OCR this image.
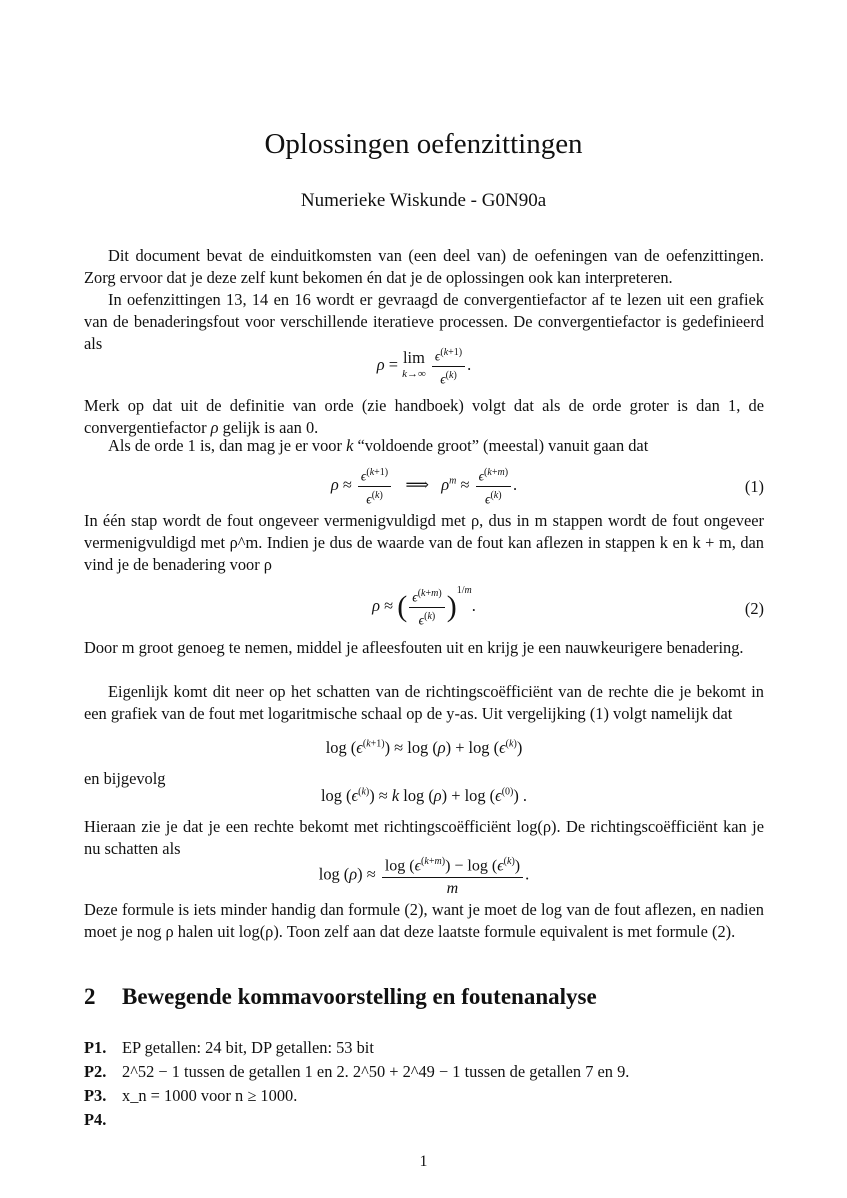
Oplossingen oefenzittingen
Numerieke Wiskunde - G0N90a
Dit document bevat de einduitkomsten van (een deel van) de oefeningen van de oefenzittingen. Zorg ervoor dat je deze zelf kunt bekomen én dat je de oplossingen ook kan interpreteren.
In oefenzittingen 13, 14 en 16 wordt er gevraagd de convergentiefactor af te lezen uit een grafiek van de benaderingsfout voor verschillende iteratieve processen. De convergentiefactor is gedefinieerd als
ρ = lim
k→∞
$\frac{\epsilon^{(k+1)}}{\epsilon^{(k)}}$ .
Merk op dat uit de definitie van orde (zie handboek) volgt dat als de orde groter is dan 1, de convergentiefactor ρ gelijk is aan 0.
Als de orde 1 is, dan mag je er voor k “voldoende groot” (meestal) vanuit gaan dat
$\rho \approx \frac{\epsilon^{(k+1)}}{\epsilon^{(k)}}$ ⟹   $\rho^m \approx \frac{\epsilon^{(k+m)}}{\epsilon^{(k)}}$ .	(1)
In één stap wordt de fout ongeveer vermenigvuldigd met ρ, dus in m stappen wordt de fout ongeveer vermenigvuldigd met ρ^m. Indien je dus de waarde van de fout kan aflezen in stappen k en k + m, dan vind je de benadering voor ρ
ρ ≈ ( $\frac{\epsilon^{(k+m)}}{\epsilon^{(k)}} )^{1/m}$.	(2)
Door m groot genoeg te nemen, middel je afleesfouten uit en krijg je een nauwkeurigere benadering.
Eigenlijk komt dit neer op het schatten van de richtingscoëfficiënt van de rechte die je bekomt in een grafiek van de fout met logaritmische schaal op de y-as. Uit vergelijking (1) volgt namelijk dat
$\log (\epsilon^{(k+1)}) \approx \log (\rho) + \log (\epsilon^{(k)})$
en bijgevolg
$\log (\epsilon^{(k)}) \approx k$ $\log (\rho) + \log (\epsilon^{(0)})$ .
Hieraan zie je dat je een rechte bekomt met richtingscoëfficiënt log(ρ). De richtingscoëfficiënt kan je nu schatten als
$\log (\rho) \approx \frac{\log (\epsilon^{(k+m)}) - \log (\epsilon^{(k)})}{m}$ .
Deze formule is iets minder handig dan formule (2), want je moet de log van de fout aflezen, en nadien moet je nog ρ halen uit log(ρ). Toon zelf aan dat deze laatste formule equivalent is met formule (2).
2 Bewegende kommavoorstelling en foutenanalyse
P1. EP getallen: 24 bit, DP getallen: 53 bit
P2. 2^52 − 1 tussen de getallen 1 en 2. 2^50 + 2^49 − 1 tussen de getallen 7 en 9.
P3. x_n = 1000 voor n ≥ 1000.
P4.
1
